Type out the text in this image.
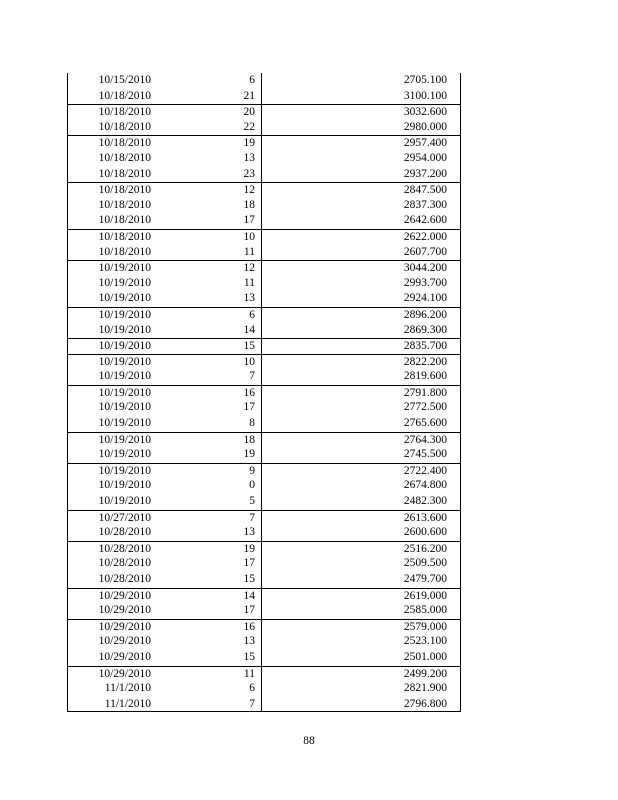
10/15/2010	6	2705.100
10/18/2010	21	3100.100
10/18/2010	20	3032.600
10/18/2010	22	2980.000
10/18/2010	19	2957.400
10/18/2010	13	2954.000
10/18/2010	23	2937.200
10/18/2010	12	2847.500
10/18/2010	18	2837.300
10/18/2010	17	2642.600
10/18/2010	10	2622.000
10/18/2010	11	2607.700
10/19/2010	12	3044.200
10/19/2010	11	2993.700
10/19/2010	13	2924.100
10/19/2010	6	2896.200
10/19/2010	14	2869.300
10/19/2010	15	2835.700
10/19/2010	10	2822.200
10/19/2010	7	2819.600
10/19/2010	16	2791.800
10/19/2010	17	2772.500
10/19/2010	8	2765.600
10/19/2010	18	2764.300
10/19/2010	19	2745.500
10/19/2010	9	2722.400
10/19/2010	0	2674.800
10/19/2010	5	2482.300
10/27/2010	7	2613.600
10/28/2010	13	2600.600
10/28/2010	19	2516.200
10/28/2010	17	2509.500
10/28/2010	15	2479.700
10/29/2010	14	2619.000
10/29/2010	17	2585.000
10/29/2010	16	2579.000
10/29/2010	13	2523.100
10/29/2010	15	2501.000
10/29/2010	11	2499.200
11/1/2010	6	2821.900
11/1/2010	7	2796.800
88
